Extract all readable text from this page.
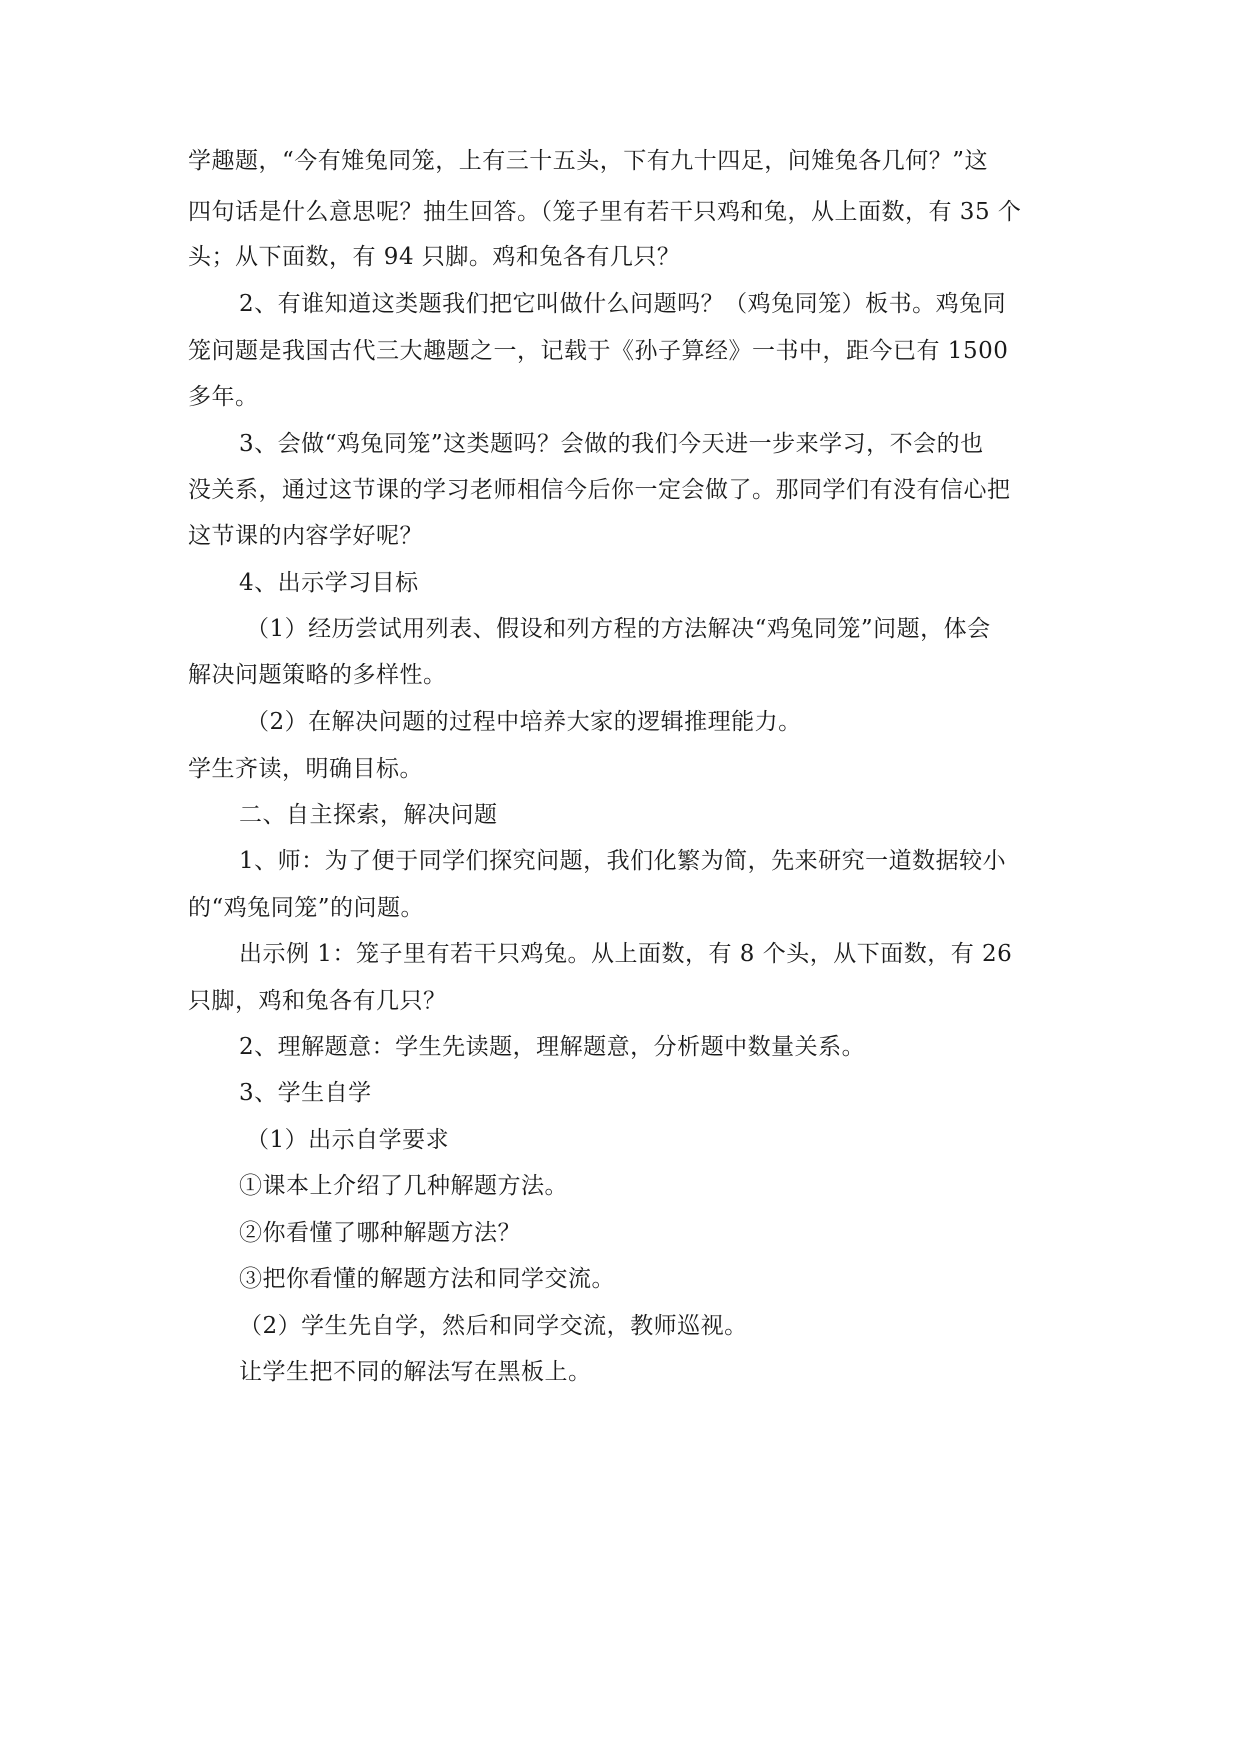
学趣题，“今有雉兔同笼，上有三十五头，下有九十四足，问雉兔各几何？”这
四句话是什么意思呢？抽生回答。（笼子里有若干只鸡和兔，从上面数，有 35 个
头；从下面数，有 94 只脚。鸡和兔各有几只？
2、有谁知道这类题我们把它叫做什么问题吗？（鸡兔同笼）板书。鸡兔同
笼问题是我国古代三大趣题之一，记载于《孙子算经》一书中，距今已有 1500
多年。
3、会做“鸡兔同笼”这类题吗？会做的我们今天进一步来学习，不会的也
没关系，通过这节课的学习老师相信今后你一定会做了。那同学们有没有信心把
这节课的内容学好呢？
4、出示学习目标
（1）经历尝试用列表、假设和列方程的方法解决“鸡兔同笼”问题，体会
解决问题策略的多样性。
（2）在解决问题的过程中培养大家的逻辑推理能力。
学生齐读，明确目标。
二、自主探索，解决问题
1、师：为了便于同学们探究问题，我们化繁为简，先来研究一道数据较小
的“鸡兔同笼”的问题。
出示例 1：笼子里有若干只鸡兔。从上面数，有 8 个头，从下面数，有 26
只脚，鸡和兔各有几只？
2、理解题意：学生先读题，理解题意，分析题中数量关系。
3、学生自学
（1）出示自学要求
①课本上介绍了几种解题方法。
②你看懂了哪种解题方法？
③把你看懂的解题方法和同学交流。
（2）学生先自学，然后和同学交流，教师巡视。
让学生把不同的解法写在黑板上。
